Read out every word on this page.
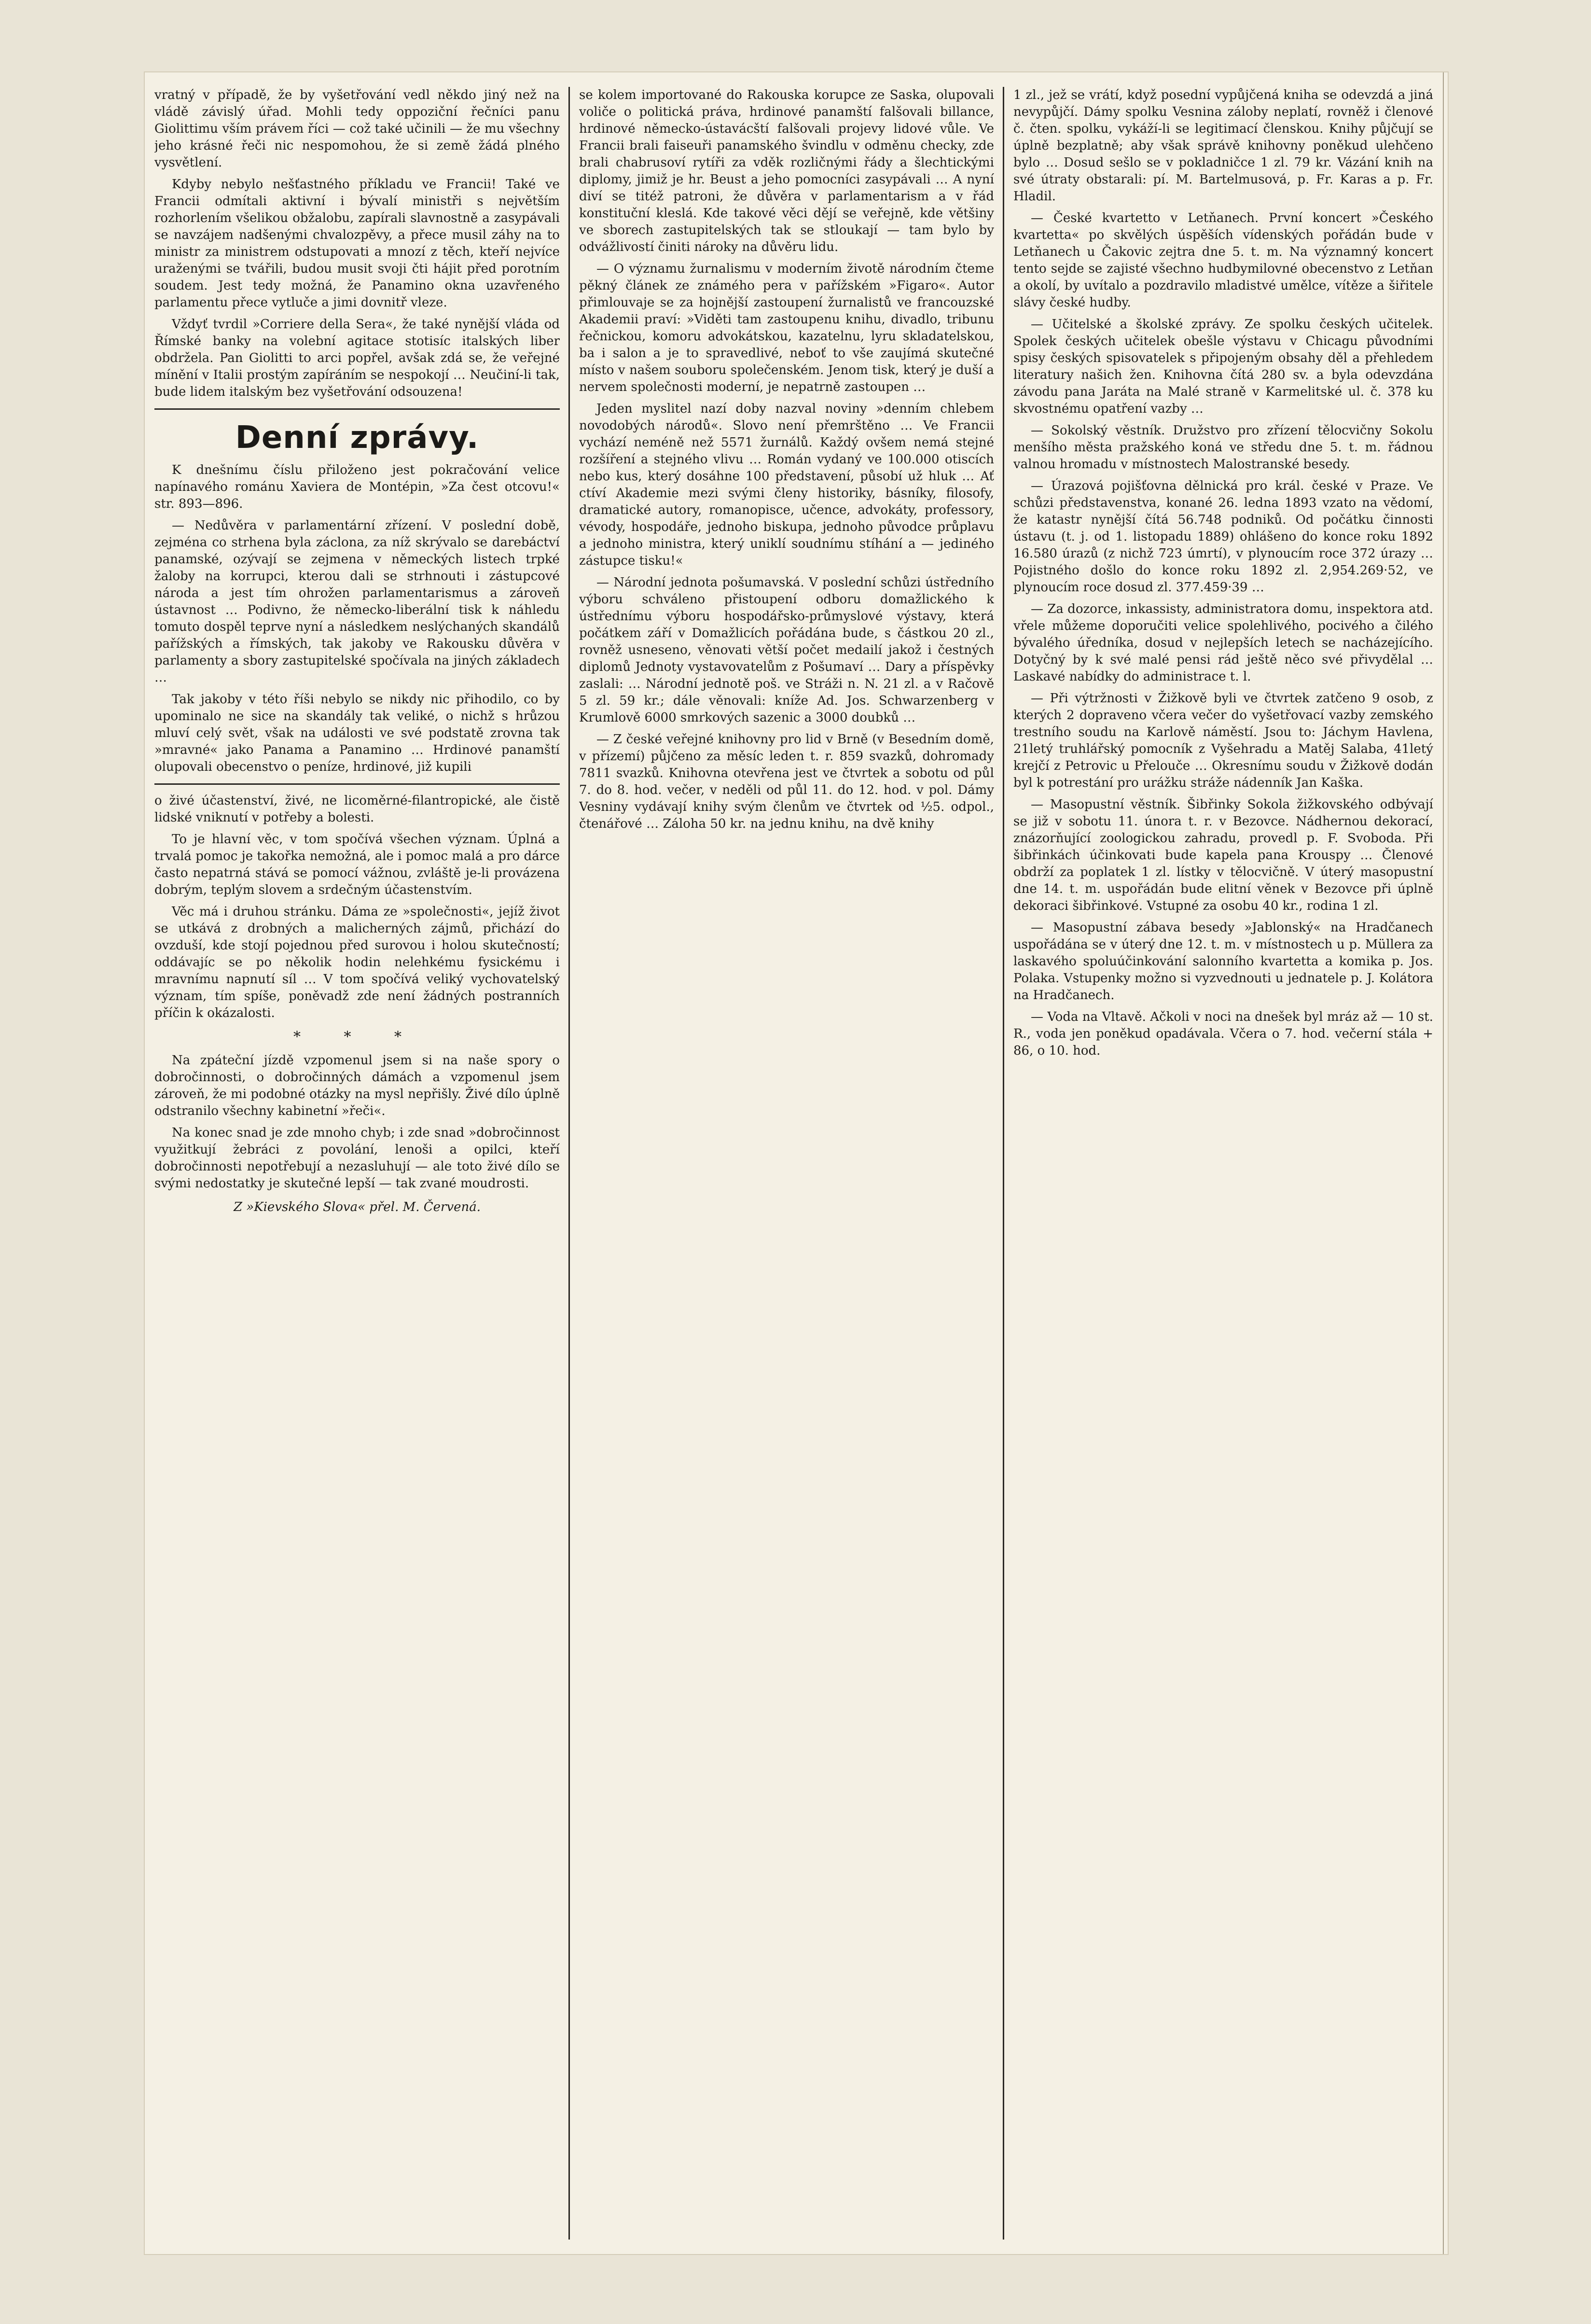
vratný v případě, že by vyšetřování vedl někdo jiný než na vládě závislý úřad. Mohli tedy oppoziční řečníci panu Giolittimu vším právem říci — což také učinili — že mu všechny jeho krásné řeči nic nespomohou, že si země žádá plného vysvětlení.

Kdyby nebylo nešťastného příkladu ve Francii! Také ve Francii odmítali aktivní i bývalí ministři s největším rozhorlením všelikou obžalobu, zapírali slavnostně a zasypávali se navzájem nadšenými chvalozpěvy, a přece musil záhy na to ministr za ministrem odstupovati a mnozí z těch, kteří nejvíce uraženými se tvářili, budou musit svoji čti hájit před porotním soudem. Jest tedy možná, že Panamino okna uzavřeného parlamentu přece vytluče a jimi dovnitř vleze.

Vždyť tvrdil »Corriere della Sera«, že také nynější vláda od Římské banky na volební agitace stotisíc italských liber obdržela. Pan Giolitti to arci popřel, avšak zdá se, že veřejné mínění v Italii prostým zapíráním se nespokojí … Neučiní-li tak, bude lidem italským bez vyšetřování odsouzena!

Denní zprávy.

K dnešnímu číslu přiloženo jest pokračování velice napínavého románu Xaviera de Montépin, »Za čest otcovu!« str. 893—896.

— Nedůvěra v parlamentární zřízení. V poslední době, zejména co strhena byla záclona, za níž skrývalo se darebáctví panamské, ozývají se zejmena v německých listech trpké žaloby na korrupci, kterou dali se strhnouti i zástupcové národa a jest tím ohrožen parlamentarismus a zároveň ústavnost … Podivno, že německo-liberální tisk k náhledu tomuto dospěl teprve nyní a následkem neslýchaných skandálů pařížských a římských, tak jakoby ve Rakousku důvěra v parlamenty a sbory zastupitelské spočívala na jiných základech …

Tak jakoby v této říši nebylo se nikdy nic přihodilo, co by upominalo ne sice na skandály tak veliké, o nichž s hrůzou mluví celý svět, však na události ve své podstatě zrovna tak »mravné« jako Panama a Panamino … Hrdinové panamští olupovali obecenstvo o peníze, hrdinové, již kupili

o živé účastenství, živé, ne licoměrné-filantropické, ale čistě lidské vniknutí v potřeby a bolesti.

To je hlavní věc, v tom spočívá všechen význam. Úplná a trvalá pomoc je takořka nemožná, ale i pomoc malá a pro dárce často nepatrná stává se pomocí vážnou, zvláště je-li provázena dobrým, teplým slovem a srdečným účastenstvím.

Věc má i druhou stránku. Dáma ze »společnosti«, jejíž život se utkává z drobných a malicherných zájmů, přichází do ovzduší, kde stojí pojednou před surovou i holou skutečností; oddávajíc se po několik hodin nelehkému fysickému i mravnímu napnutí síl … V tom spočívá veliký vychovatelský význam, tím spíše, poněvadž zde není žádných postranních příčin k okázalosti.

* * *

Na zpáteční jízdě vzpomenul jsem si na naše spory o dobročinnosti, o dobročinných dámách a vzpomenul jsem zároveň, že mi podobné otázky na mysl nepřišly. Živé dílo úplně odstranilo všechny kabinetní »řeči«.

Na konec snad je zde mnoho chyb; i zde snad »dobročinnost využitkují žebráci z povolání, lenoši a opilci, kteří dobročinnosti nepotřebují a nezasluhují — ale toto živé dílo se svými nedostatky je skutečné lepší — tak zvané moudrosti.

Z »Kievského Slova« přel. M. Červená.

se kolem importované do Rakouska korupce ze Saska, olupovali voliče o politická práva, hrdinové panamští falšovali billance, hrdinové německo-ústavácští falšovali projevy lidové vůle. Ve Francii brali faiseuři panamského švindlu v odměnu checky, zde brali chabrusoví rytíři za vděk rozličnými řády a šlechtickými diplomy, jimiž je hr. Beust a jeho pomocníci zasypávali … A nyní diví se titéž patroni, že důvěra v parlamentarism a v řád konstituční kleslá. Kde takové věci dějí se veřejně, kde většiny ve sborech zastupitelských tak se stloukají — tam bylo by odvážlivostí činiti nároky na důvěru lidu.

— O významu žurnalismu v moderním životě národním čteme pěkný článek ze známého pera v pařížském »Figaro«. Autor přimlouvaje se za hojnější zastoupení žurnalistů ve francouzské Akademii praví: »Viděti tam zastoupenu knihu, divadlo, tribunu řečnickou, komoru advokátskou, kazatelnu, lyru skladatelskou, ba i salon a je to spravedlivé, neboť to vše zaujímá skutečné místo v našem souboru společenském. Jenom tisk, který je duší a nervem společnosti moderní, je nepatrně zastoupen …

Jeden myslitel nazí doby nazval noviny »denním chlebem novodobých národů«. Slovo není přemrštěno … Ve Francii vychází neméně než 5571 žurnálů. Každý ovšem nemá stejné rozšíření a stejného vlivu … Román vydaný ve 100.000 otiscích nebo kus, který dosáhne 100 představení, působí už hluk … Ať ctíví Akademie mezi svými členy historiky, básníky, filosofy, dramatické autory, romanopisce, učence, advokáty, professory, vévody, hospodáře, jednoho biskupa, jednoho původce průplavu a jednoho ministra, který uniklí soudnímu stíhání a — jediného zástupce tisku!«

— Národní jednota pošumavská. V poslední schůzi ústředního výboru schváleno přistoupení odboru domažlického k ústřednímu výboru hospodářsko-průmyslové výstavy, která počátkem září v Domažlicích pořádána bude, s částkou 20 zl., rovněž usneseno, věnovati větší počet medailí jakož i čestných diplomů Jednoty vystavovatelům z Pošumaví … Dary a příspěvky zaslali: … Národní jednotě poš. ve Stráži n. N. 21 zl. a v Račově 5 zl. 59 kr.; dále věnovali: kníže Ad. Jos. Schwarzenberg v Krumlově 6000 smrkových sazenic a 3000 doubků …

— Z české veřejné knihovny pro lid v Brně (v Besedním domě, v přízemí) půjčeno za měsíc leden t. r. 859 svazků, dohromady 7811 svazků. Knihovna otevřena jest ve čtvrtek a sobotu od půl 7. do 8. hod. večer, v neděli od půl 11. do 12. hod. v pol. Dámy Vesniny vydávají knihy svým členům ve čtvrtek od ½5. odpol., čtenářové … Záloha 50 kr. na jednu knihu, na dvě knihy

1 zl., jež se vrátí, když posední vypůjčená kniha se odevzdá a jiná nevypůjčí. Dámy spolku Vesnina záloby neplatí, rovněž i členové č. čten. spolku, vykáží-li se legitimací členskou. Knihy půjčují se úplně bezplatně; aby však správě knihovny poněkud ulehčeno bylo … Dosud sešlo se v pokladničce 1 zl. 79 kr. Vázání knih na své útraty obstarali: pí. M. Bartelmusová, p. Fr. Karas a p. Fr. Hladil.

— České kvartetto v Letňanech. První koncert »Českého kvartetta« po skvělých úspěších vídenských pořádán bude v Letňanech u Čakovic zejtra dne 5. t. m. Na významný koncert tento sejde se zajisté všechno hudbymilovné obecenstvo z Letňan a okolí, by uvítalo a pozdravilo mladistvé umělce, vítěze a šiřitele slávy české hudby.

— Učitelské a školské zprávy. Ze spolku českých učitelek. Spolek českých učitelek obešle výstavu v Chicagu původními spisy českých spisovatelek s připojeným obsahy děl a přehledem literatury našich žen. Knihovna čítá 280 sv. a byla odevzdána závodu pana Jaráta na Malé straně v Karmelitské ul. č. 378 ku skvostnému opatření vazby …

— Sokolský věstník. Družstvo pro zřízení tělocvičny Sokolu menšího města pražského koná ve středu dne 5. t. m. řádnou valnou hromadu v místnostech Malostranské besedy.

— Úrazová pojišťovna dělnická pro král. české v Praze. Ve schůzi představenstva, konané 26. ledna 1893 vzato na vědomí, že katastr nynější čítá 56.748 podniků. Od počátku činnosti ústavu (t. j. od 1. listopadu 1889) ohlášeno do konce roku 1892 16.580 úrazů (z nichž 723 úmrtí), v plynoucím roce 372 úrazy … Pojistného došlo do konce roku 1892 zl. 2,954.269·52, ve plynoucím roce dosud zl. 377.459·39 …

— Za dozorce, inkassisty, administratora domu, inspektora atd. vřele můžeme doporučiti velice spolehlivého, pocivého a čilého bývalého úředníka, dosud v nejlepších letech se nacházejícího. Dotyčný by k své malé pensi rád ještě něco své přivydělal … Laskavé nabídky do administrace t. l.

— Při výtržnosti v Žižkově byli ve čtvrtek zatčeno 9 osob, z kterých 2 dopraveno včera večer do vyšetřovací vazby zemského trestního soudu na Karlově náměstí. Jsou to: Jáchym Havlena, 21letý truhlářský pomocník z Vyšehradu a Matěj Salaba, 41letý krejčí z Petrovic u Přelouče … Okresnímu soudu v Žižkově dodán byl k potrestání pro urážku stráže nádenník Jan Kaška.

— Masopustní věstník. Šibřinky Sokola žižkovského odbývají se již v sobotu 11. února t. r. v Bezovce. Nádhernou dekorací, znázorňující zoologickou zahradu, provedl p. F. Svoboda. Při šibřinkách účinkovati bude kapela pana Krouspy … Členové obdrží za poplatek 1 zl. lístky v tělocvičně. V úterý masopustní dne 14. t. m. uspořádán bude elitní věnek v Bezovce při úplně dekoraci šibřinkové. Vstupné za osobu 40 kr., rodina 1 zl.

— Masopustní zábava besedy »Jablonský« na Hradčanech uspořádána se v úterý dne 12. t. m. v místnostech u p. Müllera za laskavého spoluúčinkování salonního kvartetta a komika p. Jos. Polaka. Vstupenky možno si vyzvednouti u jednatele p. J. Kolátora na Hradčanech.

— Voda na Vltavě. Ačkoli v noci na dnešek byl mráz až — 10 st. R., voda jen poněkud opadávala. Včera o 7. hod. večerní stála + 86, o 10. hod.
